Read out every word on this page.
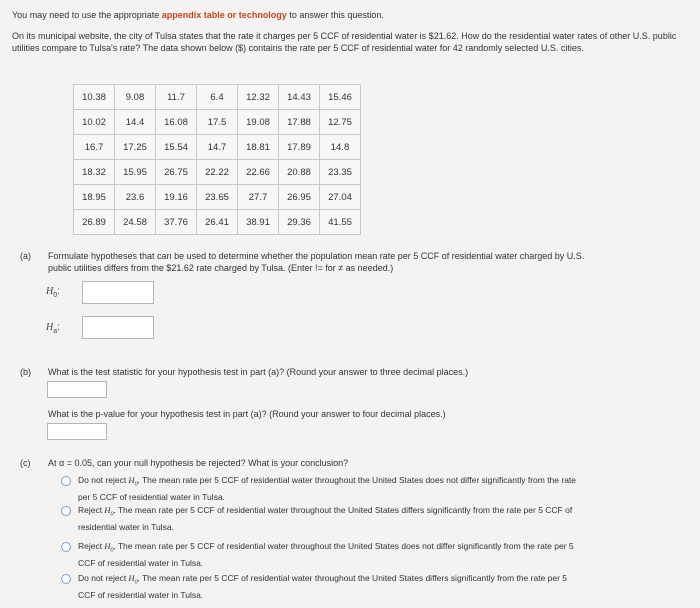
You may need to use the appropriate appendix table or technology to answer this question.
On its municipal website, the city of Tulsa states that the rate it charges per 5 CCF of residential water is $21.62. How do the residential water rates of other U.S. public utilities compare to Tulsa's rate? The data shown below ($) contains the rate per 5 CCF of residential water for 42 randomly selected U.S. cities.
10.38	9.08	11.7	6.4	12.32	14.43	15.46
10.02	14.4	16.08	17.5	19.08	17.88	12.75
16.7	17.25	15.54	14.7	18.81	17.89	14.8
18.32	15.95	26.75	22.22	22.66	20.88	23.35
18.95	23.6	19.16	23.65	27.7	26.95	27.04
26.89	24.58	37.76	26.41	38.91	29.36	41.55
(a) Formulate hypotheses that can be used to determine whether the population mean rate per 5 CCF of residential water charged by U.S.
public utilities differs from the $21.62 rate charged by Tulsa. (Enter != for ≠ as needed.)
$H_0$:
$H_a$:
(b) What is the test statistic for your hypothesis test in part (a)? (Round your answer to three decimal places.)
What is the p-value for your hypothesis test in part (a)? (Round your answer to four decimal places.)
(c) At α = 0.05, can your null hypothesis be rejected? What is your conclusion?
Do not reject $H_0$. The mean rate per 5 CCF of residential water throughout the United States does not differ significantly from the rate
per 5 CCF of residential water in Tulsa.
Reject $H_0$. The mean rate per 5 CCF of residential water throughout the United States differs significantly from the rate per 5 CCF of
residential water in Tulsa.
Reject $H_0$. The mean rate per 5 CCF of residential water throughout the United States does not differ significantly from the rate per 5
CCF of residential water in Tulsa.
Do not reject $H_0$. The mean rate per 5 CCF of residential water throughout the United States differs significantly from the rate per 5
CCF of residential water in Tulsa.
